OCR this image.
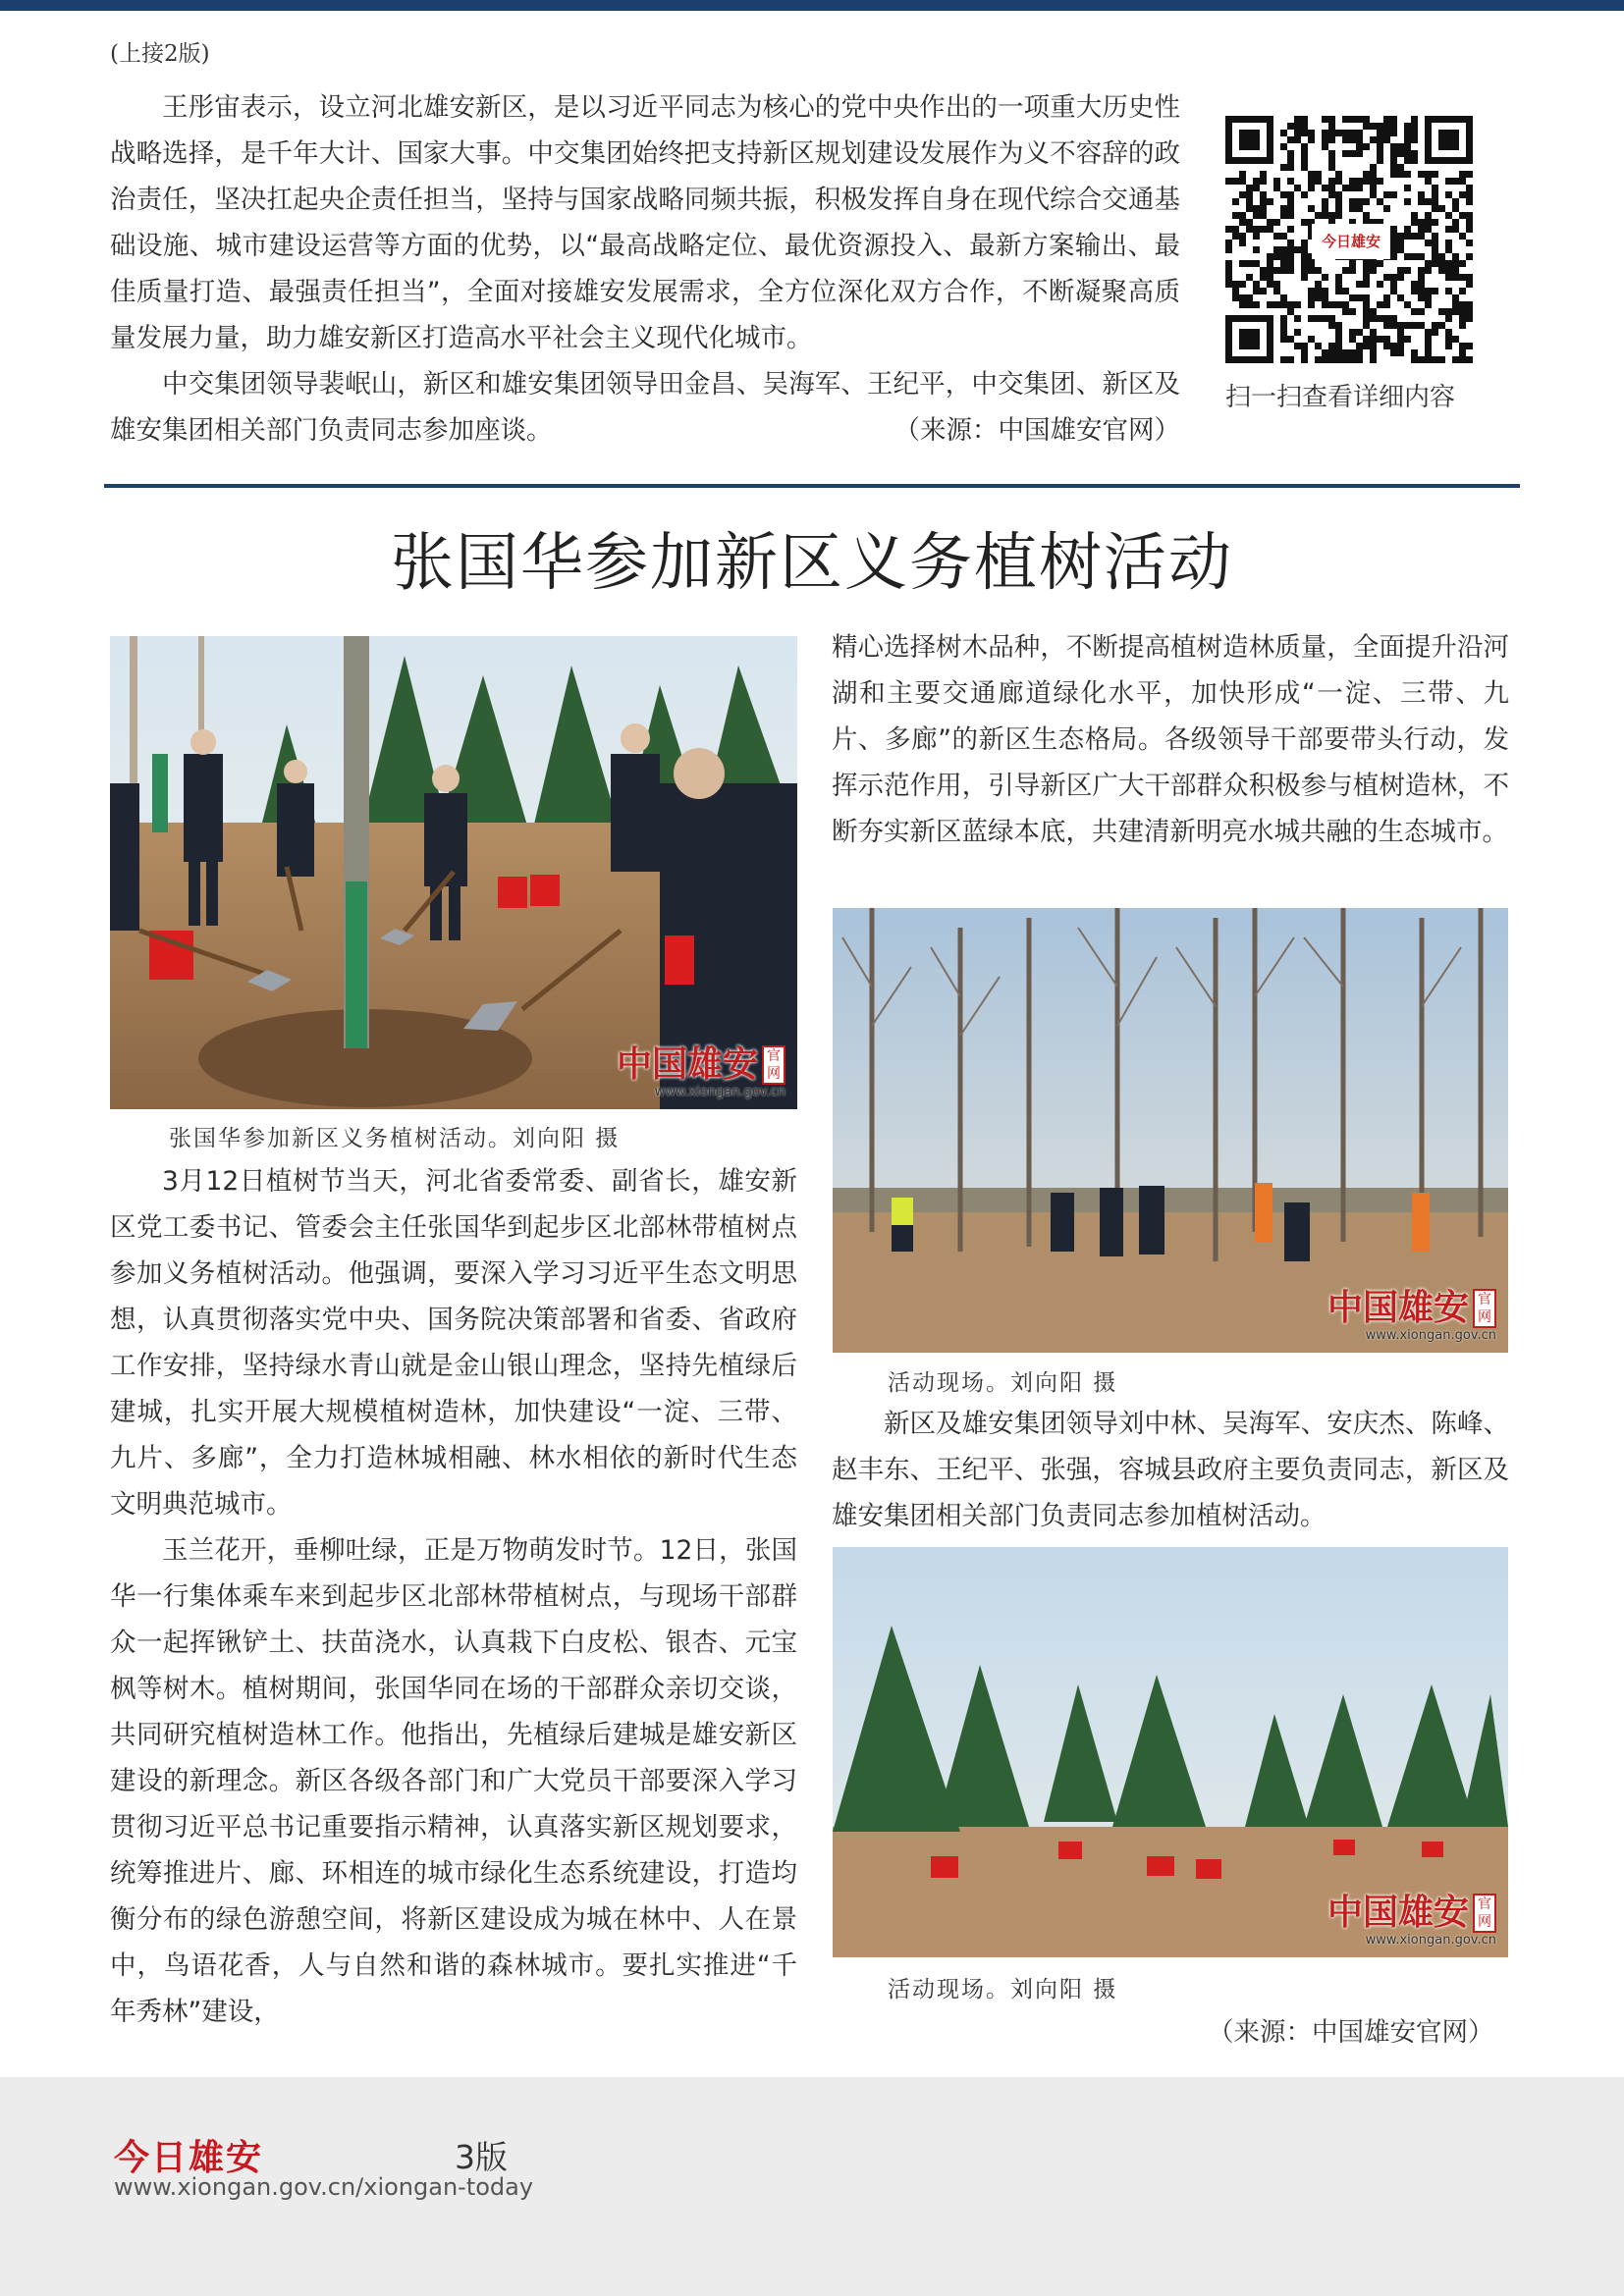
(上接2版)

王彤宙表示，设立河北雄安新区，是以习近平同志为核心的党中央作出的一项重大历史性战略选择，是千年大计、国家大事。中交集团始终把支持新区规划建设发展作为义不容辞的政治责任，坚决扛起央企责任担当，坚持与国家战略同频共振，积极发挥自身在现代综合交通基础设施、城市建设运营等方面的优势，以“最高战略定位、最优资源投入、最新方案输出、最佳质量打造、最强责任担当”，全面对接雄安发展需求，全方位深化双方合作，不断凝聚高质量发展力量，助力雄安新区打造高水平社会主义现代化城市。

中交集团领导裴岷山，新区和雄安集团领导田金昌、吴海军、王纪平，中交集团、新区及雄安集团相关部门负责同志参加座谈。	（来源：中国雄安官网）

今日雄安
扫一扫查看详细内容
张国华参加新区义务植树活动
中国雄安 官网
www.xiongan.gov.cn
张国华参加新区义务植树活动。刘向阳 摄

3月12日植树节当天，河北省委常委、副省长，雄安新区党工委书记、管委会主任张国华到起步区北部林带植树点参加义务植树活动。他强调，要深入学习习近平生态文明思想，认真贯彻落实党中央、国务院决策部署和省委、省政府工作安排，坚持绿水青山就是金山银山理念，坚持先植绿后建城，扎实开展大规模植树造林，加快建设“一淀、三带、九片、多廊”，全力打造林城相融、林水相依的新时代生态文明典范城市。

玉兰花开，垂柳吐绿，正是万物萌发时节。12日，张国华一行集体乘车来到起步区北部林带植树点，与现场干部群众一起挥锹铲土、扶苗浇水，认真栽下白皮松、银杏、元宝枫等树木。植树期间，张国华同在场的干部群众亲切交谈，共同研究植树造林工作。他指出，先植绿后建城是雄安新区建设的新理念。新区各级各部门和广大党员干部要深入学习贯彻习近平总书记重要指示精神，认真落实新区规划要求，统筹推进片、廊、环相连的城市绿化生态系统建设，打造均衡分布的绿色游憩空间，将新区建设成为城在林中、人在景中，鸟语花香，人与自然和谐的森林城市。要扎实推进“千年秀林”建设，

精心选择树木品种，不断提高植树造林质量，全面提升沿河湖和主要交通廊道绿化水平，加快形成“一淀、三带、九片、多廊”的新区生态格局。各级领导干部要带头行动，发挥示范作用，引导新区广大干部群众积极参与植树造林，不断夯实新区蓝绿本底，共建清新明亮水城共融的生态城市。

中国雄安 官网
www.xiongan.gov.cn
活动现场。刘向阳 摄

新区及雄安集团领导刘中林、吴海军、安庆杰、陈峰、赵丰东、王纪平、张强，容城县政府主要负责同志，新区及雄安集团相关部门负责同志参加植树活动。

中国雄安 官网
www.xiongan.gov.cn
活动现场。刘向阳 摄
（来源：中国雄安官网）
今日雄安	3版
www.xiongan.gov.cn/xiongan-today
